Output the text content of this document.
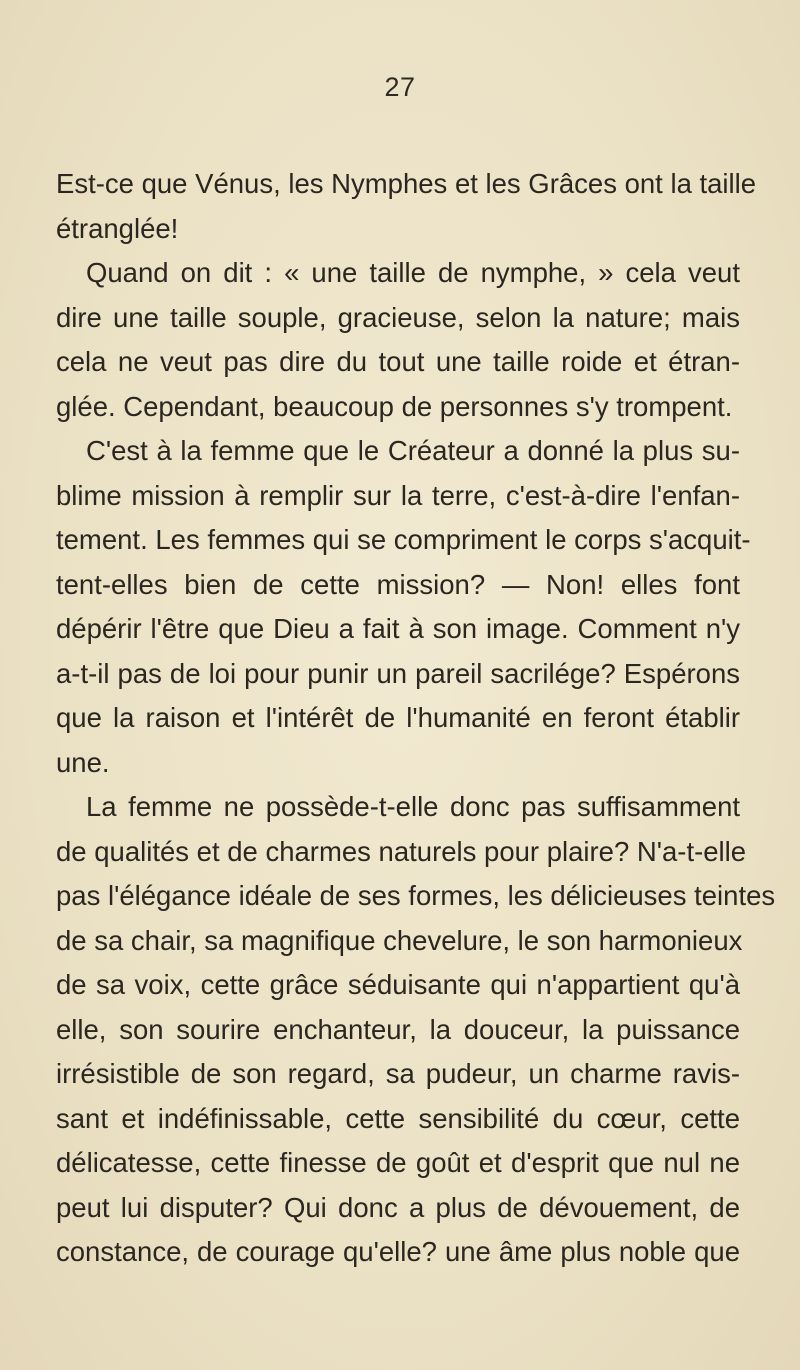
27
Est-ce que Vénus, les Nymphes et les Grâces ont la taille
étranglée!
Quand on dit : « une taille de nymphe, » cela veut
dire une taille souple, gracieuse, selon la nature; mais
cela ne veut pas dire du tout une taille roide et étran-
glée. Cependant, beaucoup de personnes s'y trompent.
C'est à la femme que le Créateur a donné la plus su-
blime mission à remplir sur la terre, c'est-à-dire l'enfan-
tement. Les femmes qui se compriment le corps s'acquit-
tent-elles bien de cette mission? — Non! elles font
dépérir l'être que Dieu a fait à son image. Comment n'y
a-t-il pas de loi pour punir un pareil sacrilége? Espérons
que la raison et l'intérêt de l'humanité en feront établir
une.
La femme ne possède-t-elle donc pas suffisamment
de qualités et de charmes naturels pour plaire? N'a-t-elle
pas l'élégance idéale de ses formes, les délicieuses teintes
de sa chair, sa magnifique chevelure, le son harmonieux
de sa voix, cette grâce séduisante qui n'appartient qu'à
elle, son sourire enchanteur, la douceur, la puissance
irrésistible de son regard, sa pudeur, un charme ravis-
sant et indéfinissable, cette sensibilité du cœur, cette
délicatesse, cette finesse de goût et d'esprit que nul ne
peut lui disputer? Qui donc a plus de dévouement, de
constance, de courage qu'elle? une âme plus noble que
